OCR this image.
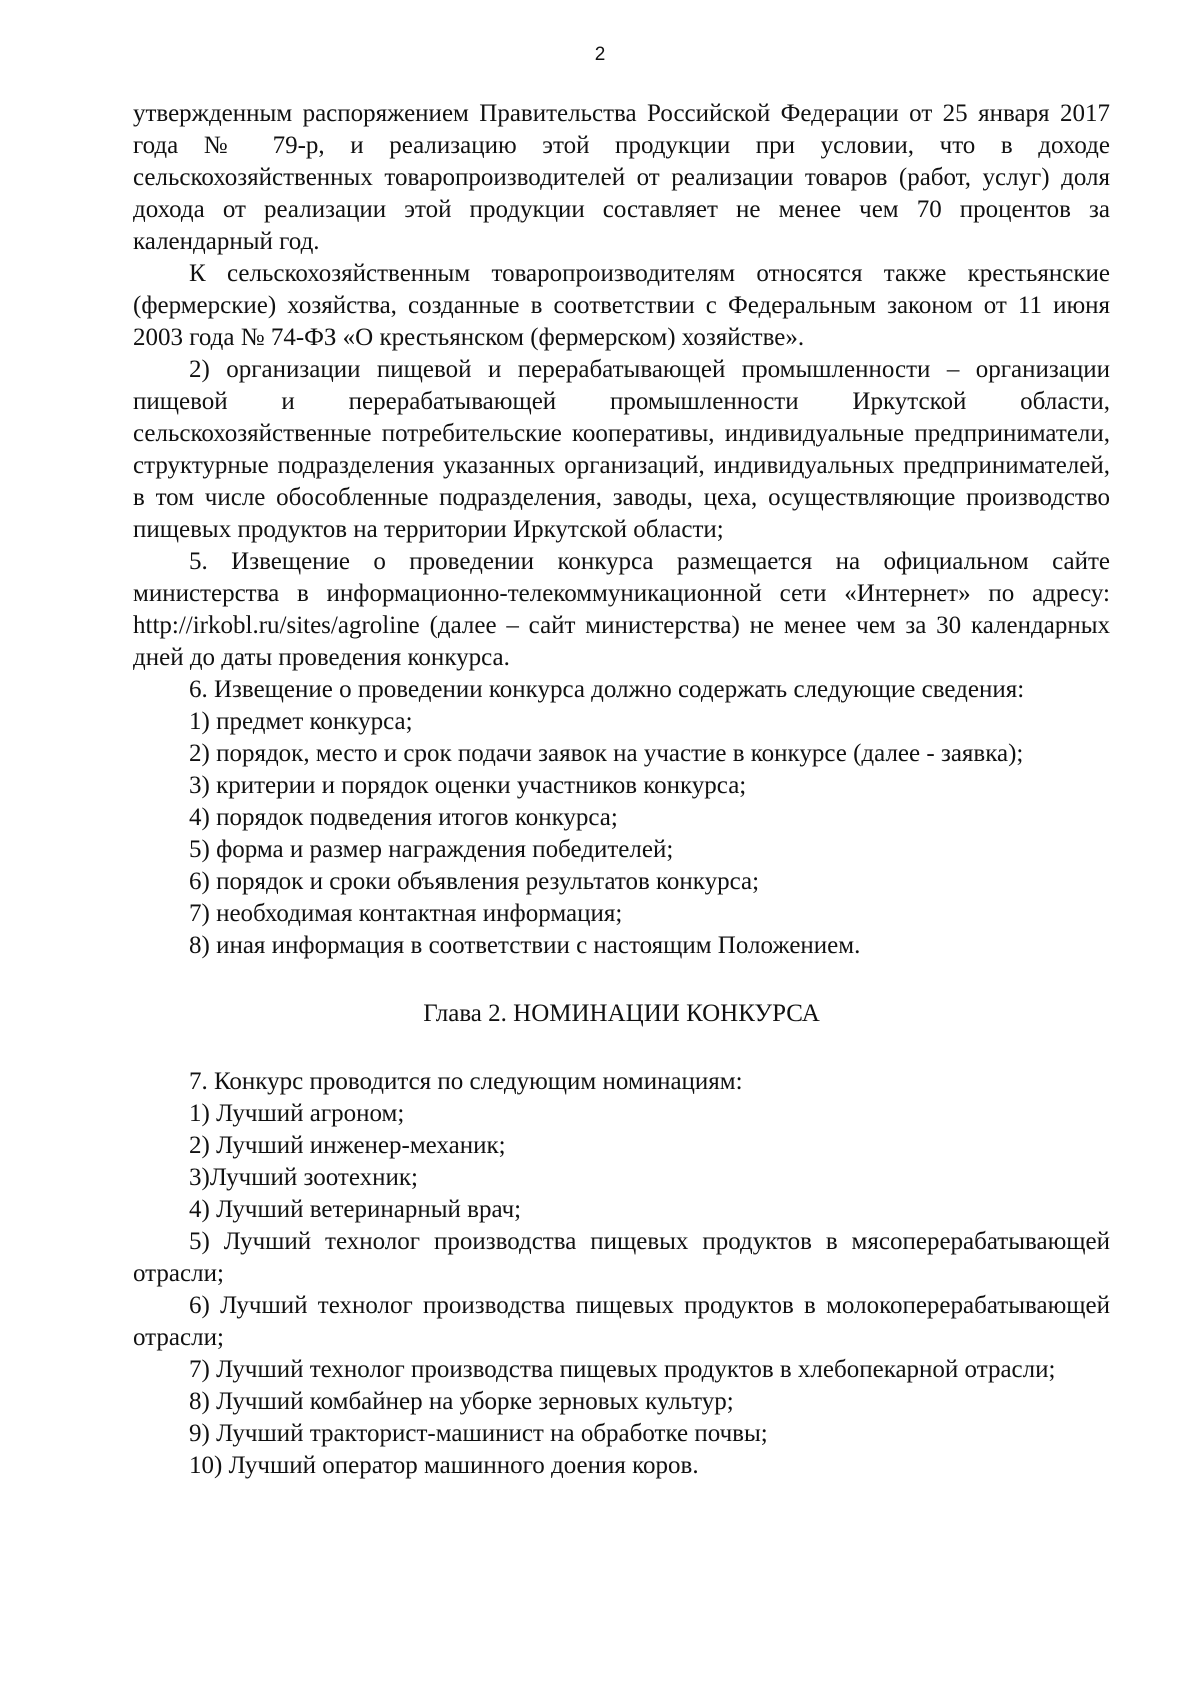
2

утвержденным распоряжением Правительства Российской Федерации от 25 января 2017 года № 79-р, и реализацию этой продукции при условии, что в доходе сельскохозяйственных товаропроизводителей от реализации товаров (работ, услуг) доля дохода от реализации этой продукции составляет не менее чем 70 процентов за календарный год.

К сельскохозяйственным товаропроизводителям относятся также крестьянские (фермерские) хозяйства, созданные в соответствии с Федеральным законом от 11 июня 2003 года № 74-ФЗ «О крестьянском (фермерском) хозяйстве».

2) организации пищевой и перерабатывающей промышленности – организации пищевой и перерабатывающей промышленности Иркутской области, сельскохозяйственные потребительские кооперативы, индивидуальные предприниматели, структурные подразделения указанных организаций, индивидуальных предпринимателей, в том числе обособленные подразделения, заводы, цеха, осуществляющие производство пищевых продуктов на территории Иркутской области;

5. Извещение о проведении конкурса размещается на официальном сайте министерства в информационно-телекоммуникационной сети «Интернет» по адресу: http://irkobl.ru/sites/agroline (далее – сайт министерства) не менее чем за 30 календарных дней до даты проведения конкурса.

6. Извещение о проведении конкурса должно содержать следующие сведения:

1) предмет конкурса;

2) порядок, место и срок подачи заявок на участие в конкурсе (далее - заявка);

3) критерии и порядок оценки участников конкурса;

4) порядок подведения итогов конкурса;

5) форма и размер награждения победителей;

6) порядок и сроки объявления результатов конкурса;

7) необходимая контактная информация;

8) иная информация в соответствии с настоящим Положением.

Глава 2. НОМИНАЦИИ КОНКУРСА

7. Конкурс проводится по следующим номинациям:

1) Лучший агроном;

2) Лучший инженер-механик;

3)Лучший зоотехник;

4) Лучший ветеринарный врач;

5) Лучший технолог производства пищевых продуктов в мясоперерабатывающей отрасли;

6) Лучший технолог производства пищевых продуктов в молокоперерабатывающей отрасли;

7) Лучший технолог производства пищевых продуктов в хлебопекарной отрасли;

8) Лучший комбайнер на уборке зерновых культур;

9) Лучший тракторист-машинист на обработке почвы;

10) Лучший оператор машинного доения коров.
